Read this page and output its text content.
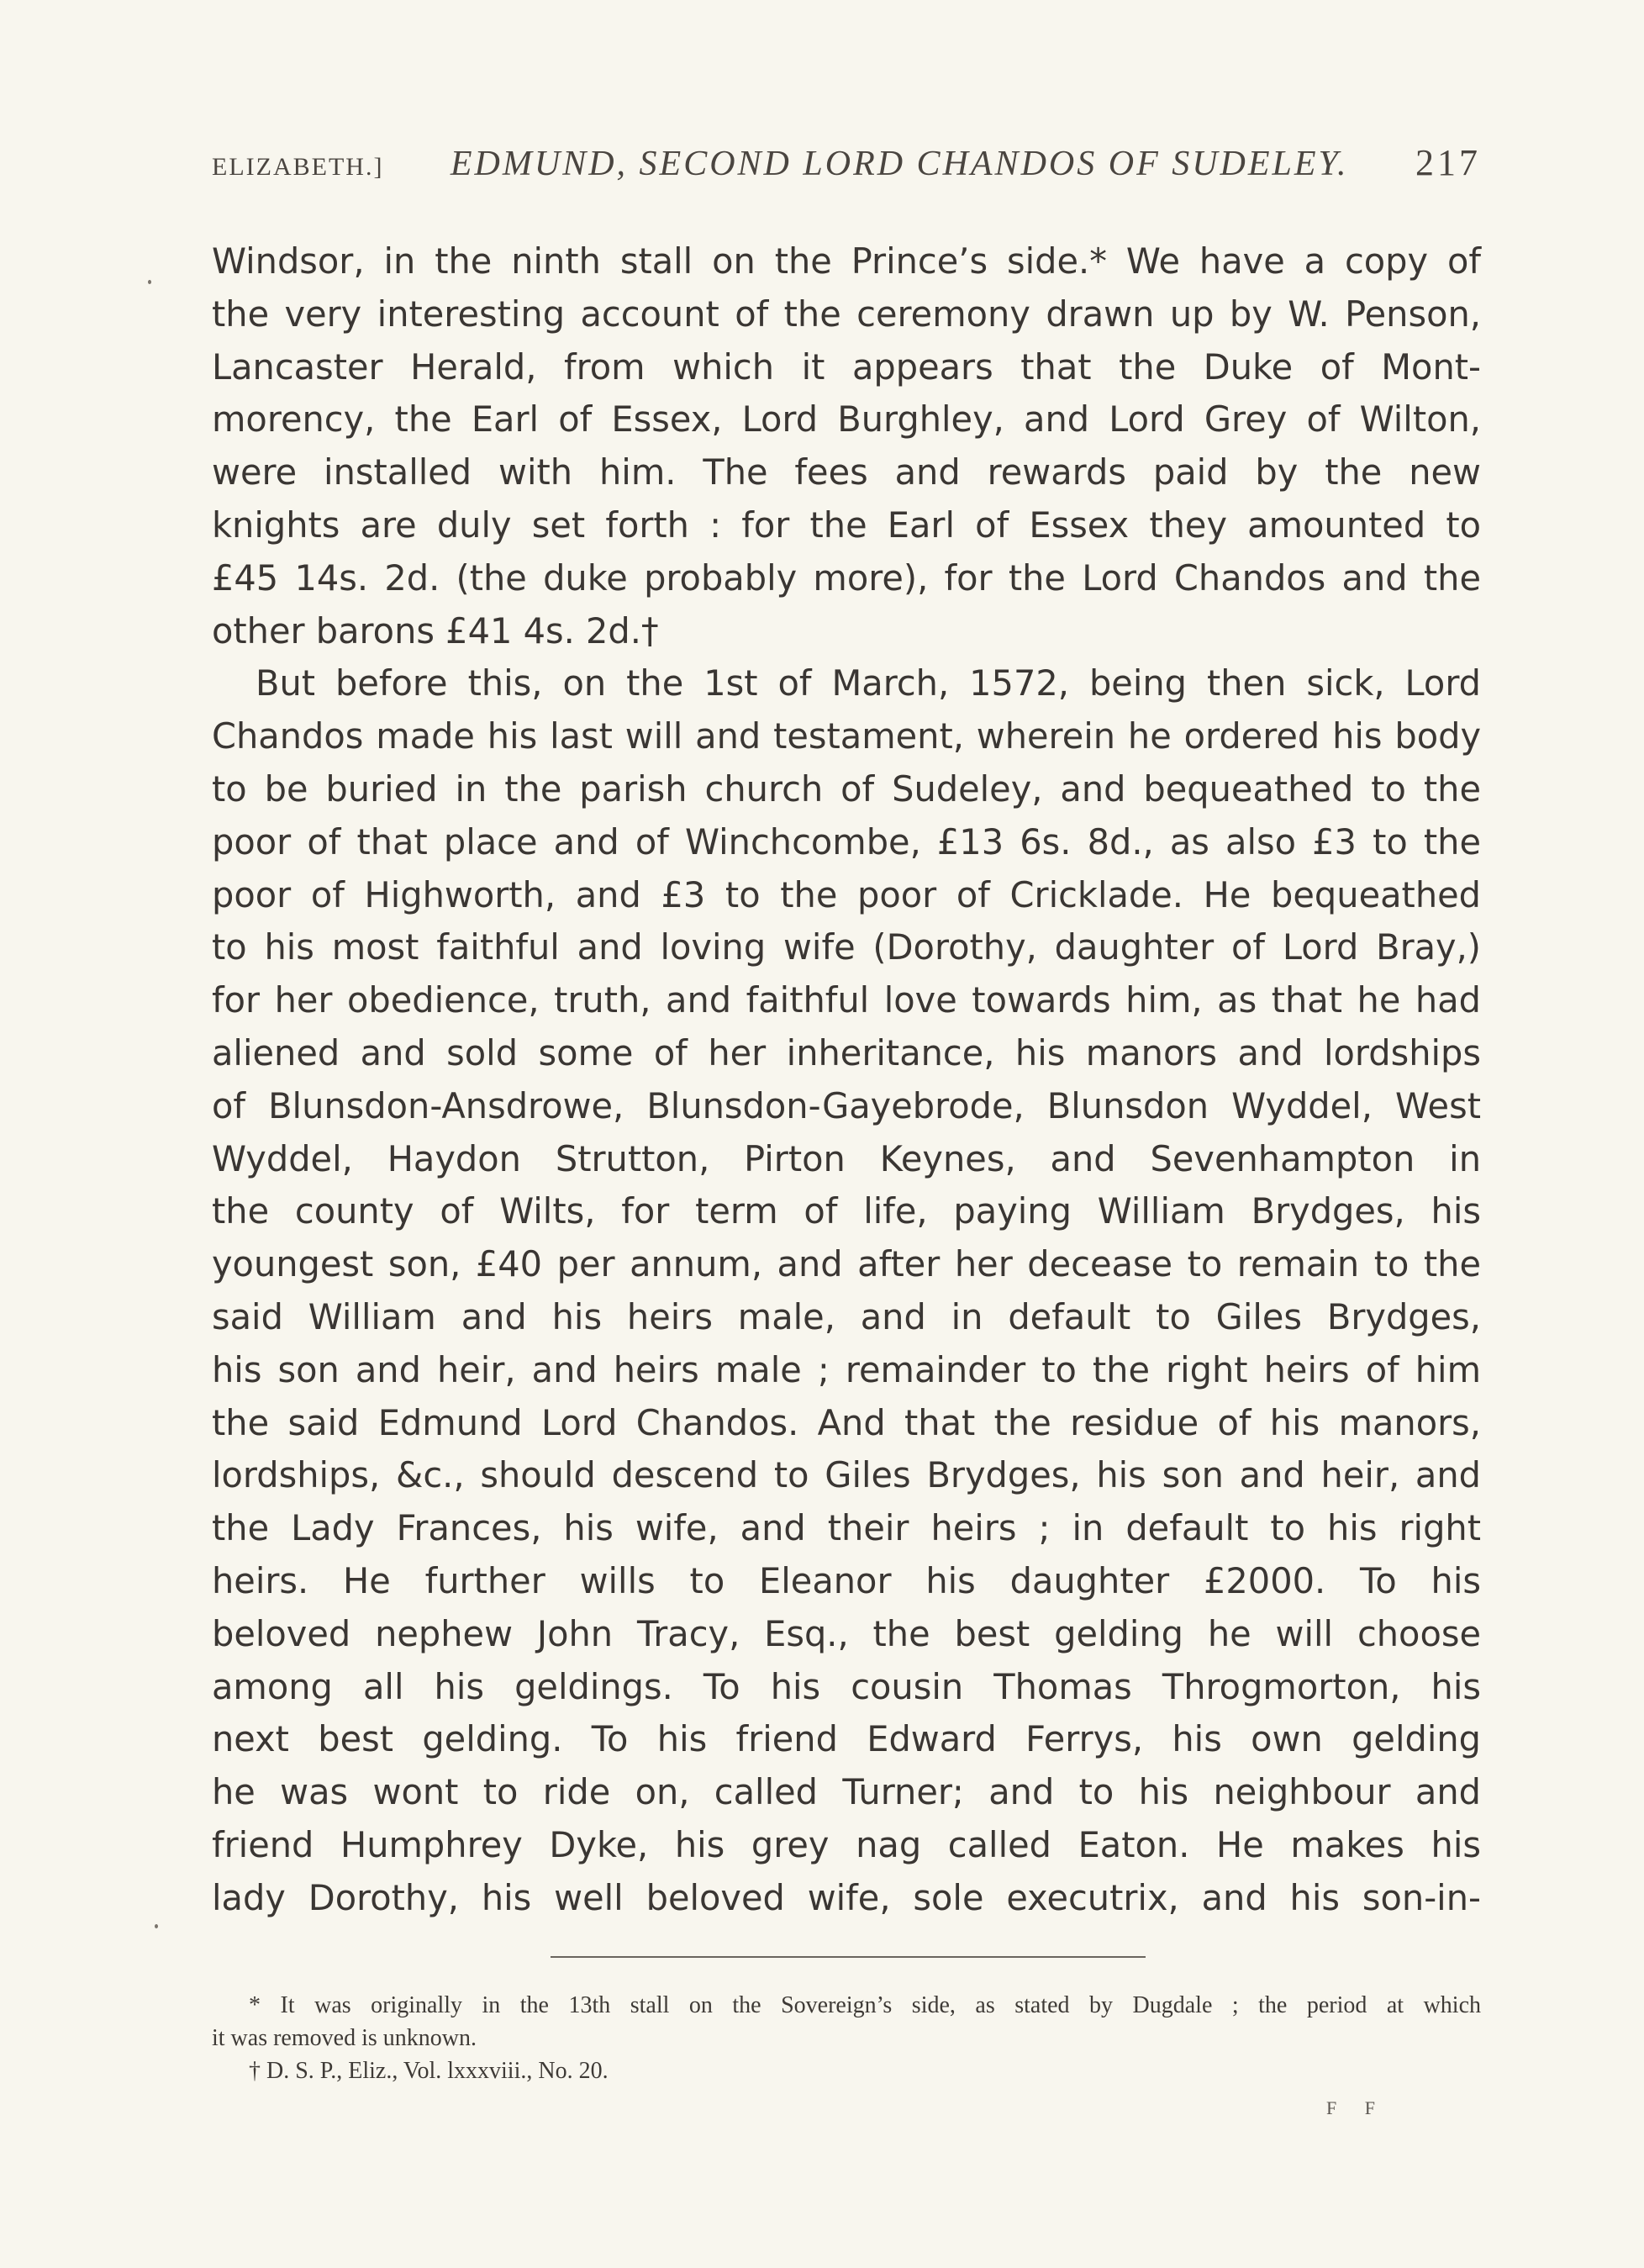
ELIZABETH.] EDMUND, SECOND LORD CHANDOS OF SUDELEY. 217
Windsor, in the ninth stall on the Prince’s side.* We have a copy of
the very interesting account of the ceremony drawn up by W. Penson,
Lancaster Herald, from which it appears that the Duke of Mont-
morency, the Earl of Essex, Lord Burghley, and Lord Grey of Wilton,
were installed with him. The fees and rewards paid by the new
knights are duly set forth : for the Earl of Essex they amounted to
£45 14s. 2d. (the duke probably more), for the Lord Chandos and the
other barons £41 4s. 2d.†
But before this, on the 1st of March, 1572, being then sick, Lord
Chandos made his last will and testament, wherein he ordered his body
to be buried in the parish church of Sudeley, and bequeathed to the
poor of that place and of Winchcombe, £13 6s. 8d., as also £3 to the
poor of Highworth, and £3 to the poor of Cricklade. He bequeathed
to his most faithful and loving wife (Dorothy, daughter of Lord Bray,)
for her obedience, truth, and faithful love towards him, as that he had
aliened and sold some of her inheritance, his manors and lordships
of Blunsdon-Ansdrowe, Blunsdon-Gayebrode, Blunsdon Wyddel, West
Wyddel, Haydon Strutton, Pirton Keynes, and Sevenhampton in
the county of Wilts, for term of life, paying William Brydges, his
youngest son, £40 per annum, and after her decease to remain to the
said William and his heirs male, and in default to Giles Brydges,
his son and heir, and heirs male ; remainder to the right heirs of him
the said Edmund Lord Chandos. And that the residue of his manors,
lordships, &c., should descend to Giles Brydges, his son and heir, and
the Lady Frances, his wife, and their heirs ; in default to his right
heirs. He further wills to Eleanor his daughter £2000. To his
beloved nephew John Tracy, Esq., the best gelding he will choose
among all his geldings. To his cousin Thomas Throgmorton, his
next best gelding. To his friend Edward Ferrys, his own gelding
he was wont to ride on, called Turner; and to his neighbour and
friend Humphrey Dyke, his grey nag called Eaton. He makes his
lady Dorothy, his well beloved wife, sole executrix, and his son-in-
* It was originally in the 13th stall on the Sovereign’s side, as stated by Dugdale ; the period at which
it was removed is unknown.
† D. S. P., Eliz., Vol. lxxxviii., No. 20.
F F
